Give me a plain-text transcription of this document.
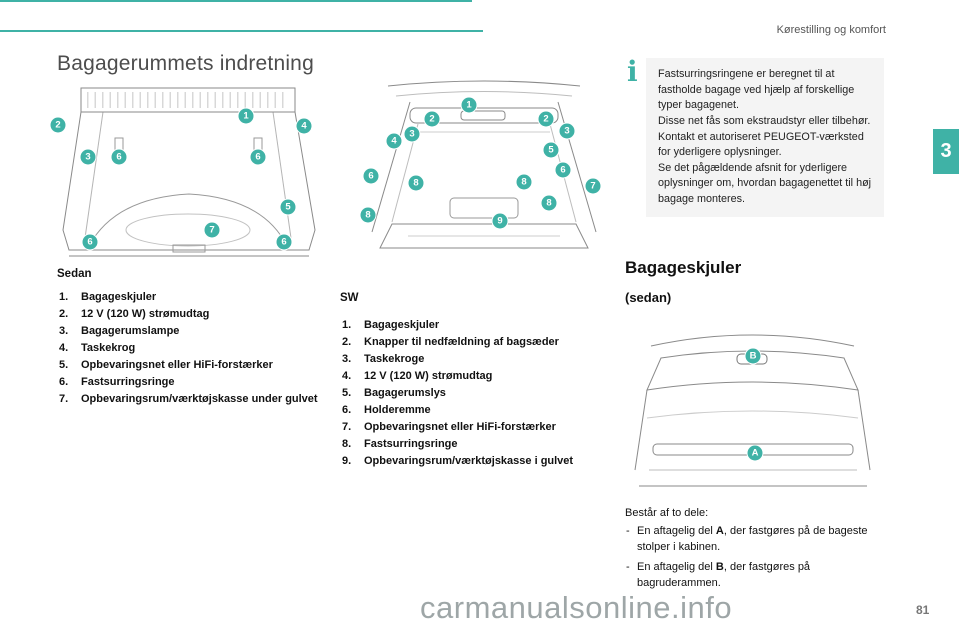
Kørestilling og komfort
3
Bagagerummets indretning
1
2	4
3	6	6
5
7
6	6
1
2	2
3	3
4
5
6
6
8	8	7
8
8
9
Sedan
Bagageskjuler
12 V (120 W) strømudtag
Bagagerumslampe
Taskekrog
Opbevaringsnet eller HiFi-forstærker
Fastsurringsringe
Opbevaringsrum/værktøjskasse under gulvet
SW
Bagageskjuler
Knapper til nedfældning af bagsæder
Taskekroge
12 V (120 W) strømudtag
Bagagerumslys
Holderemme
Opbevaringsnet eller HiFi-forstærker
Fastsurringsringe
Opbevaringsrum/værktøjskasse i gulvet
i Fastsurringsringene er beregnet til at fastholde bagage ved hjælp af forskellige typer bagagenet.

Disse net fås som ekstraudstyr eller tilbehør.

Kontakt et autoriseret PEUGEOT-værksted for yderligere oplysninger.

Se det pågældende afsnit for yderligere oplysninger om, hvordan bagagenettet til høj bagage monteres.

Bagageskjuler
(sedan)
B
A
Består af to dele:
- En aftagelig del A, der fastgøres på de bageste stolper i kabinen.
- En aftagelig del B, der fastgøres på bagruderammen.
carmanualsonline.info	81
